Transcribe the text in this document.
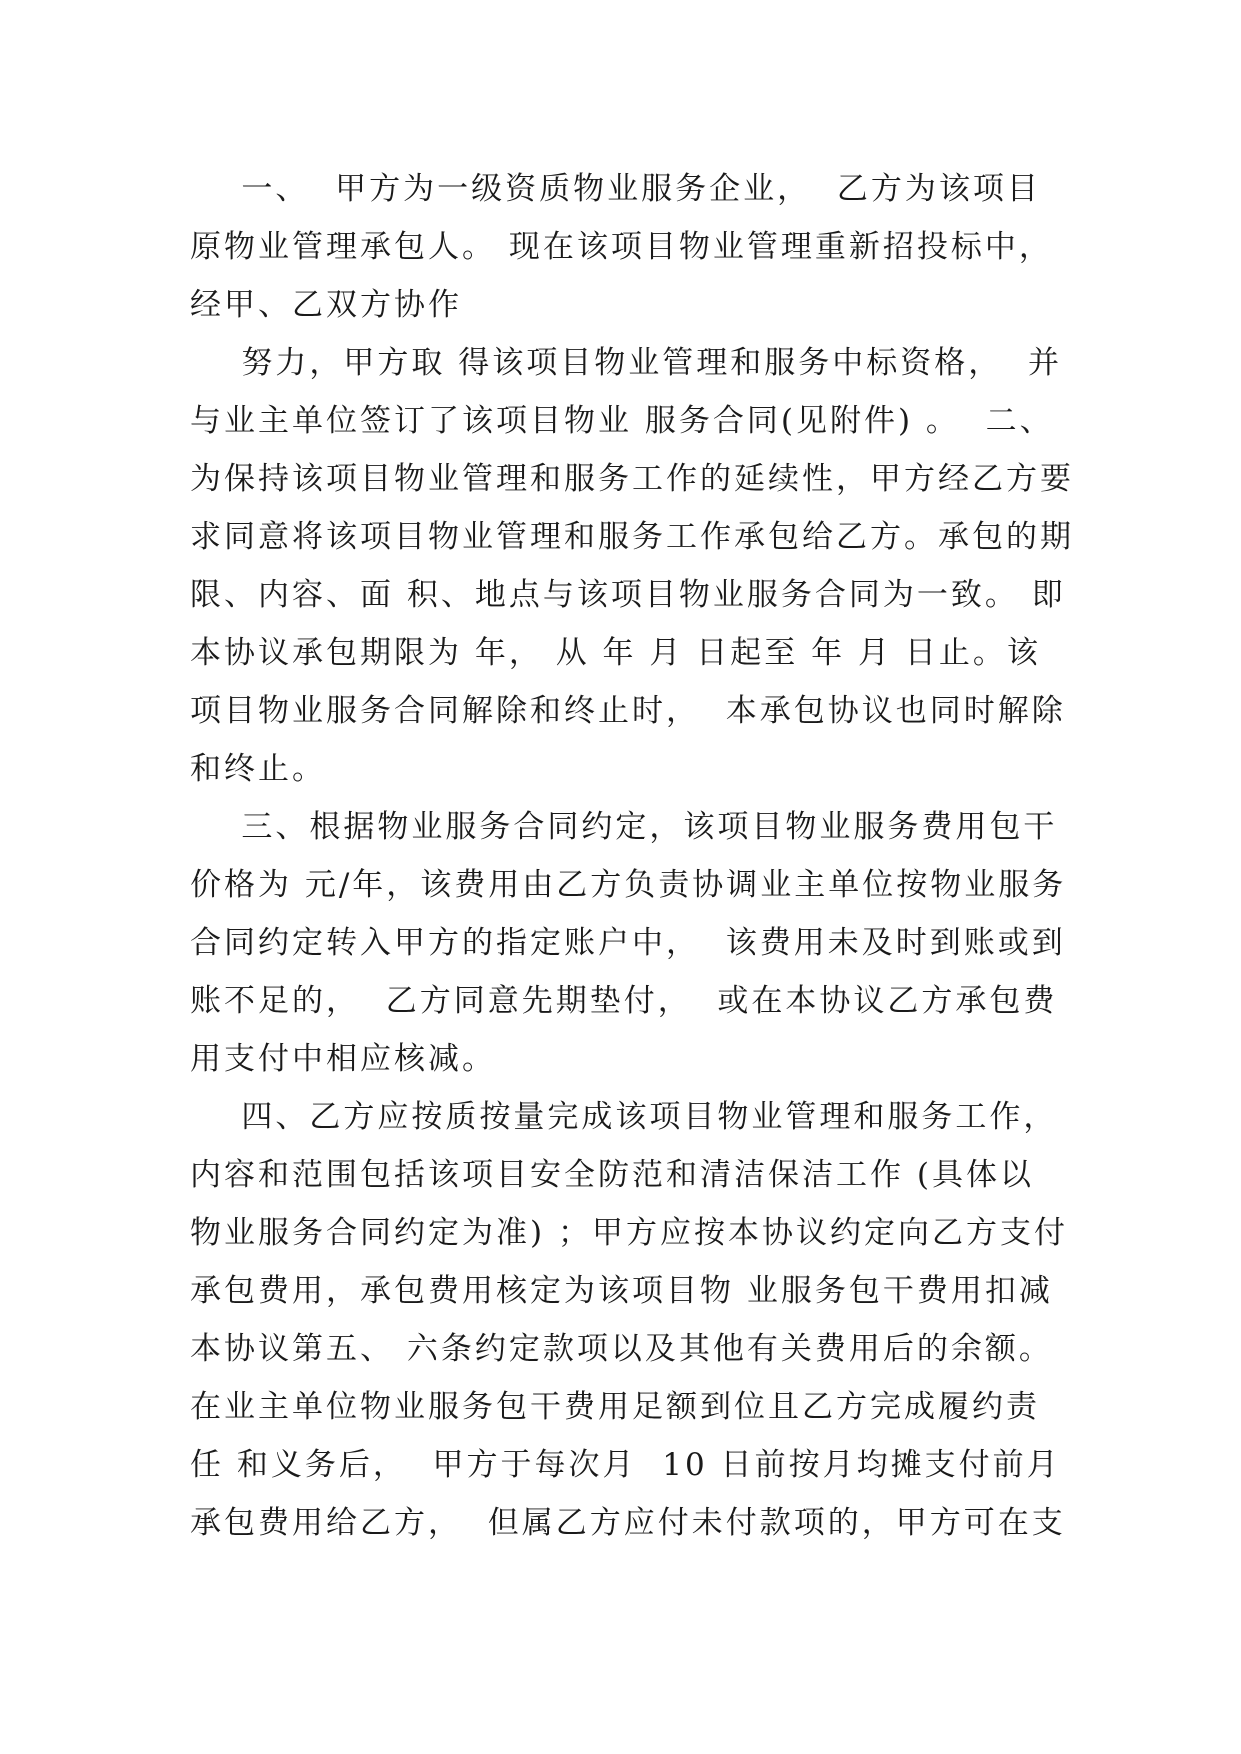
一、  甲方为一级资质物业服务企业，  乙方为该项目
原物业管理承包人。 现在该项目物业管理重新招投标中，
经甲、乙双方协作
努力，甲方取 得该项目物业管理和服务中标资格，  并
与业主单位签订了该项目物业 服务合同(见附件) 。  二、
为保持该项目物业管理和服务工作的延续性，甲方经乙方要
求同意将该项目物业管理和服务工作承包给乙方。承包的期
限、内容、面 积、地点与该项目物业服务合同为一致。 即
本协议承包期限为 年， 从 年 月 日起至 年 月 日止。该
项目物业服务合同解除和终止时，  本承包协议也同时解除
和终止。
三、根据物业服务合同约定，该项目物业服务费用包干
价格为 元/年，该费用由乙方负责协调业主单位按物业服务
合同约定转入甲方的指定账户中，  该费用未及时到账或到
账不足的，  乙方同意先期垫付，  或在本协议乙方承包费
用支付中相应核减。
四、乙方应按质按量完成该项目物业管理和服务工作，
内容和范围包括该项目安全防范和清洁保洁工作 (具体以
物业服务合同约定为准) ；甲方应按本协议约定向乙方支付
承包费用，承包费用核定为该项目物 业服务包干费用扣减
本协议第五、 六条约定款项以及其他有关费用后的余额。
在业主单位物业服务包干费用足额到位且乙方完成履约责
任 和义务后，  甲方于每次月  10 日前按月均摊支付前月
承包费用给乙方，  但属乙方应付未付款项的，甲方可在支
